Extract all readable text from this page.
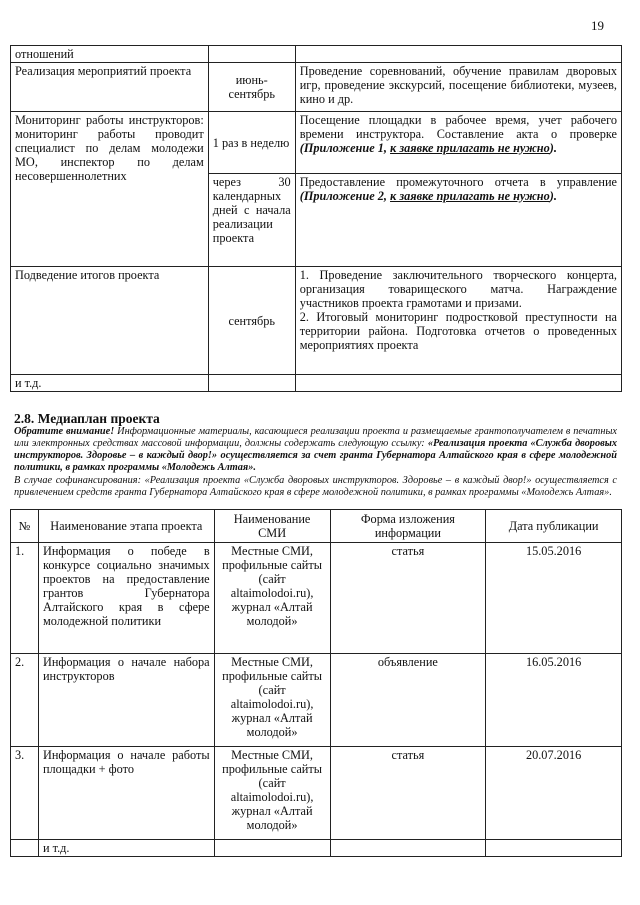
19
отношений		
Реализация мероприятий проекта	июнь- сентябрь	Проведение соревнований, обучение правилам дворовых игр, проведение экскурсий, посещение библиотеки, музеев, кино и др.
Мониторинг работы инструкторов: мониторинг работы проводит специалист по делам молодежи МО, инспектор по делам несовершеннолетних	1 раз в неделю	Посещение площадки в рабочее время, учет рабочего времени инструктора. Составление акта о проверке (Приложение 1, к заявке прилагать не нужно).
	через 30 календарных дней с начала реализации проекта	Предоставление промежуточного отчета в управление (Приложение 2, к заявке прилагать не нужно).
Подведение итогов проекта	сентябрь	1. Проведение заключительного творческого концерта, организация товарищеского матча. Награждение участников проекта грамотами и призами.
2. Итоговый мониторинг подростковой преступности на территории района. Подготовка отчетов о проведенных мероприятиях проекта

и т.д.		
2.8. Медиаплан проекта
Обратите внимание! Информационные материалы, касающиеся реализации проекта и размещаемые грантополучателем в печатных или электронных средствах массовой информации, должны содержать следующую ссылку: «Реализация проекта «Служба дворовых инструкторов. Здоровье – в каждый двор!» осуществляется за счет гранта Губернатора Алтайского края в сфере молодежной политики, в рамках программы «Молодежь Алтая».
В случае софинансирования: «Реализация проекта «Служба дворовых инструкторов. Здоровье – в каждый двор!» осуществляется с привлечением средств гранта Губернатора Алтайского края в сфере молодежной политики, в рамках программы «Молодежь Алтая».
№	Наименование этапа проекта	Наименование СМИ	Форма изложения информации	Дата публикации
1.	Информация о победе в конкурсе социально значимых проектов на предоставление грантов Губернатора Алтайского края в сфере молодежной политики	Местные СМИ, профильные сайты (сайт altaimolodoi.ru), журнал «Алтай молодой»	статья	15.05.2016
2.	Информация о начале набора инструкторов	Местные СМИ, профильные сайты (сайт altaimolodoi.ru), журнал «Алтай молодой»	объявление	16.05.2016
3.	Информация о начале работы площадки + фото	Местные СМИ, профильные сайты (сайт altaimolodoi.ru), журнал «Алтай молодой»	статья	20.07.2016
	и т.д.			
